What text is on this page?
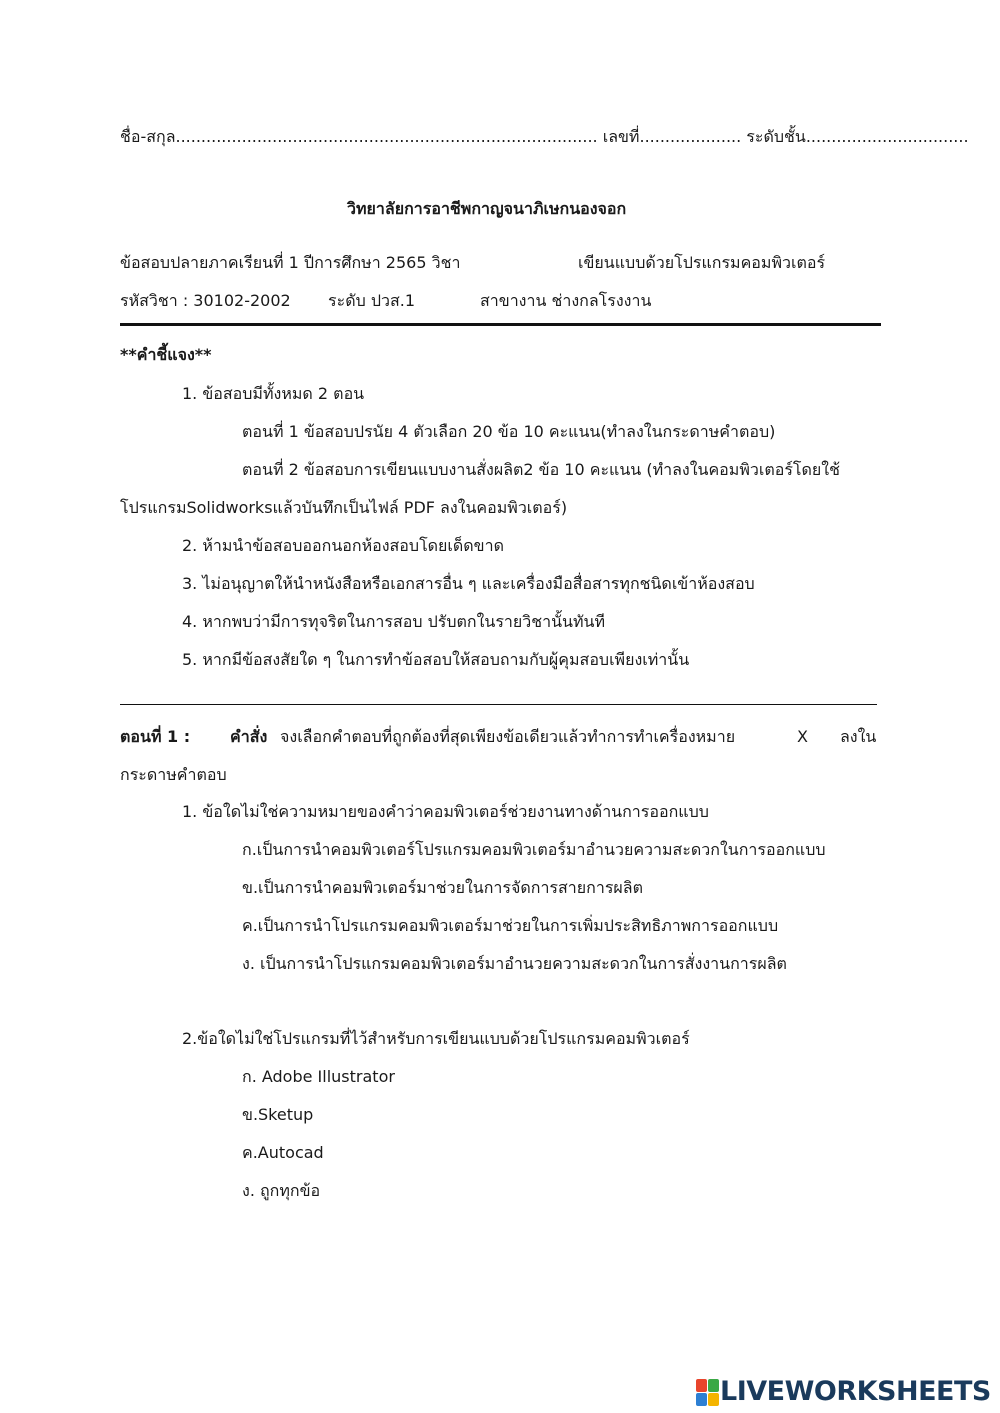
ชื่อ-สกุล................................................................................... เลขที่.................... ระดับชั้น................................
วิทยาลัยการอาชีพกาญจนาภิเษกนองจอก
ข้อสอบปลายภาคเรียนที่ 1 ปีการศึกษา 2565 วิชา	เขียนแบบด้วยโปรแกรมคอมพิวเตอร์
รหัสวิชา : 30102-2002 ระดับ ปวส.1	สาขางาน ช่างกลโรงงาน
**คำชี้แจง**
1. ข้อสอบมีทั้งหมด 2 ตอน
ตอนที่ 1 ข้อสอบปรนัย 4 ตัวเลือก 20 ข้อ 10 คะแนน(ทำลงในกระดาษคำตอบ)
ตอนที่ 2 ข้อสอบการเขียนแบบงานสั่งผลิต2 ข้อ 10 คะแนน (ทำลงในคอมพิวเตอร์โดยใช้
โปรแกรมSolidworksแล้วบันทึกเป็นไฟล์ PDF ลงในคอมพิวเตอร์)
2. ห้ามนำข้อสอบออกนอกห้องสอบโดยเด็ดขาด
3. ไม่อนุญาตให้นำหนังสือหรือเอกสารอื่น ๆ และเครื่องมือสื่อสารทุกชนิดเข้าห้องสอบ
4. หากพบว่ามีการทุจริตในการสอบ ปรับตกในรายวิชานั้นทันที
5. หากมีข้อสงสัยใด ๆ ในการทำข้อสอบให้สอบถามกับผู้คุมสอบเพียงเท่านั้น
ตอนที่ 1 : คำสั่ง จงเลือกคำตอบที่ถูกต้องที่สุดเพียงข้อเดียวแล้วทำการทำเครื่องหมาย	X ลงใน
กระดาษคำตอบ
1. ข้อใดไม่ใช่ความหมายของคำว่าคอมพิวเตอร์ช่วยงานทางด้านการออกแบบ
ก.เป็นการนำคอมพิวเตอร์โปรแกรมคอมพิวเตอร์มาอำนวยความสะดวกในการออกแบบ
ข.เป็นการนำคอมพิวเตอร์มาช่วยในการจัดการสายการผลิต
ค.เป็นการนำโปรแกรมคอมพิวเตอร์มาช่วยในการเพิ่มประสิทธิภาพการออกแบบ
ง. เป็นการนำโปรแกรมคอมพิวเตอร์มาอำนวยความสะดวกในการสั่งงานการผลิต
2.ข้อใดไม่ใช่โปรแกรมที่ไว้สำหรับการเขียนแบบด้วยโปรแกรมคอมพิวเตอร์
ก. Adobe Illustrator
ข.Sketup
ค.Autocad
ง. ถูกทุกข้อ
LIVEWORKSHEETS
